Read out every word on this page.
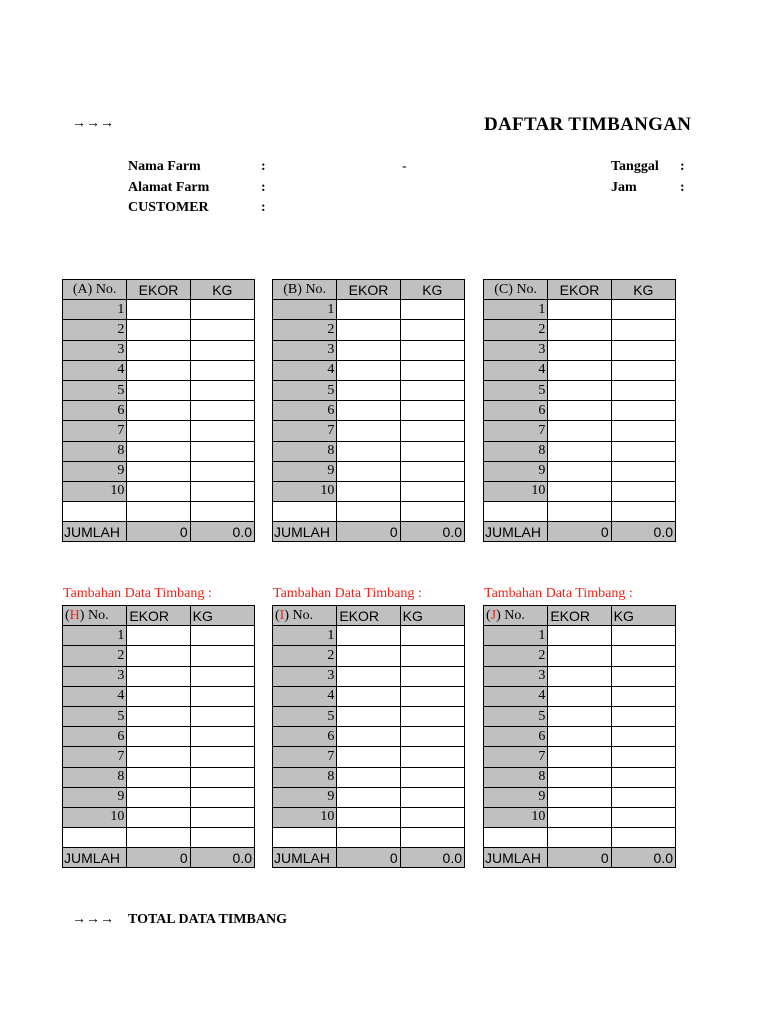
→→→	DAFTAR TIMBANGAN
Nama Farm	:	-	Tanggal :
Alamat Farm	:	Jam	:
CUSTOMER	:
(A) No.	EKOR	KG
1		
2		
3		
4		
5		
6		
7		
8		
9		
10		

JUMLAH	0	0.0
(B) No.	EKOR	KG
1		
2		
3		
4		
5		
6		
7		
8		
9		
10		

JUMLAH	0	0.0
(C) No.	EKOR	KG
1		
2		
3		
4		
5		
6		
7		
8		
9		
10		

JUMLAH	0	0.0
Tambahan Data Timbang :
(H) No.	EKOR	KG
1		
2		
3		
4		
5		
6		
7		
8		
9		
10		

JUMLAH	0	0.0
Tambahan Data Timbang :
(I) No.	EKOR	KG
1		
2		
3		
4		
5		
6		
7		
8		
9		
10		

JUMLAH	0	0.0
Tambahan Data Timbang :
(J) No.	EKOR	KG
1		
2		
3		
4		
5		
6		
7		
8		
9		
10		

JUMLAH	0	0.0
→→→ TOTAL DATA TIMBANG
